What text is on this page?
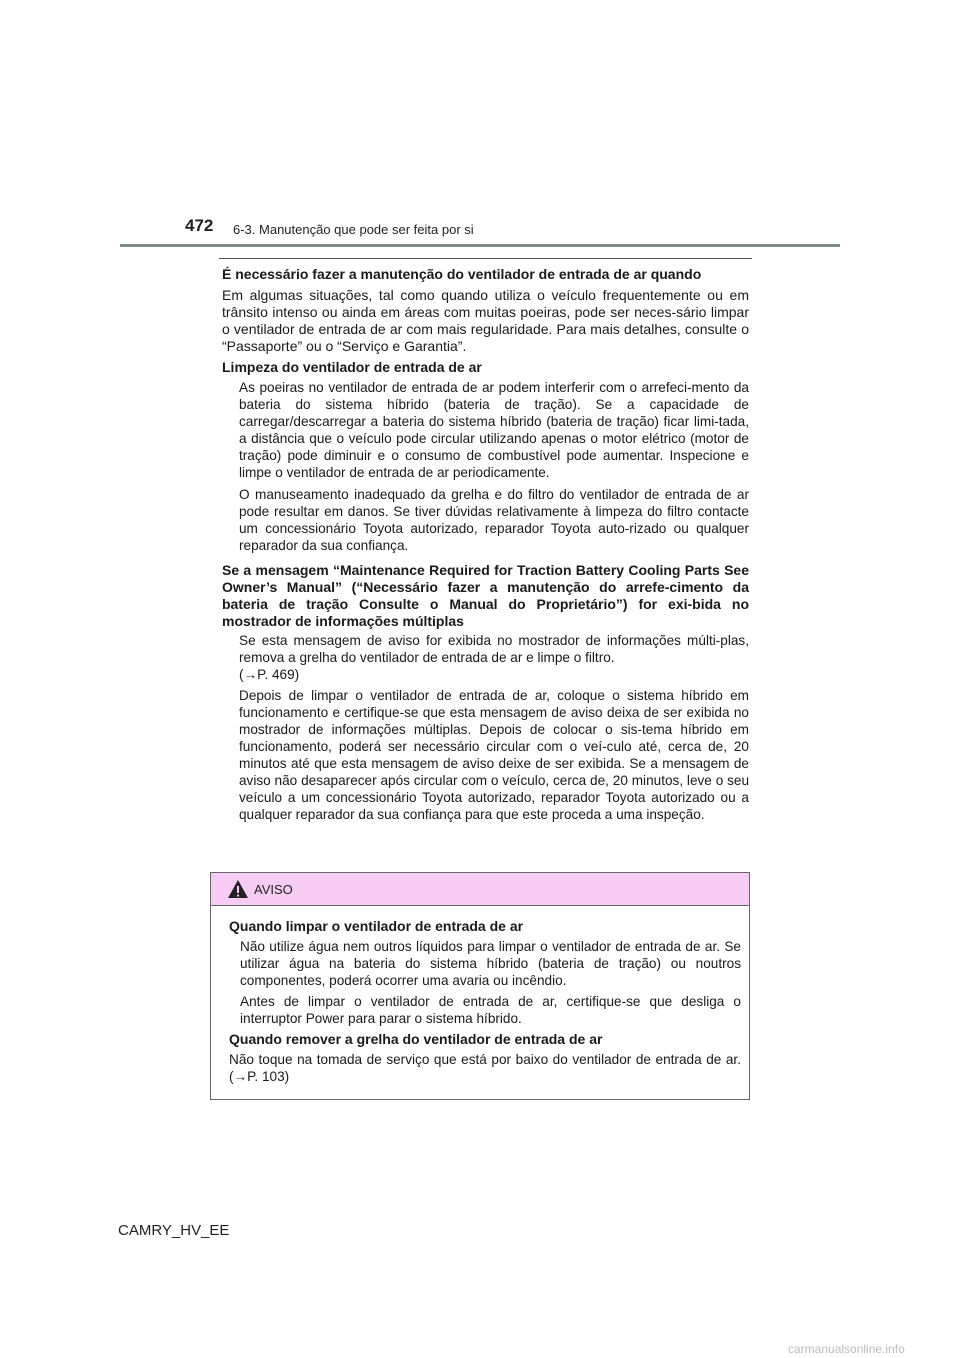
472 6-3. Manutenção que pode ser feita por si
É necessário fazer a manutenção do ventilador de entrada de ar quando

Em algumas situações, tal como quando utiliza o veículo frequentemente ou em trânsito intenso ou ainda em áreas com muitas poeiras, pode ser neces-sário limpar o ventilador de entrada de ar com mais regularidade. Para mais detalhes, consulte o “Passaporte” ou o “Serviço e Garantia”.

Limpeza do ventilador de entrada de ar
As poeiras no ventilador de entrada de ar podem interferir com o arrefeci-mento da bateria do sistema híbrido (bateria de tração). Se a capacidade de carregar/descarregar a bateria do sistema híbrido (bateria de tração) ficar limi-tada, a distância que o veículo pode circular utilizando apenas o motor elétrico (motor de tração) pode diminuir e o consumo de combustível pode aumentar. Inspecione e limpe o ventilador de entrada de ar periodicamente.
O manuseamento inadequado da grelha e do filtro do ventilador de entrada de ar pode resultar em danos. Se tiver dúvidas relativamente à limpeza do filtro contacte um concessionário Toyota autorizado, reparador Toyota auto-rizado ou qualquer reparador da sua confiança.
Se a mensagem “Maintenance Required for Traction Battery Cooling Parts See Owner’s Manual” (“Necessário fazer a manutenção do arrefe-cimento da bateria de tração Consulte o Manual do Proprietário”) for exi-bida no mostrador de informações múltiplas
Se esta mensagem de aviso for exibida no mostrador de informações múlti-plas, remova a grelha do ventilador de entrada de ar e limpe o filtro.
(→P. 469)
Depois de limpar o ventilador de entrada de ar, coloque o sistema híbrido em funcionamento e certifique-se que esta mensagem de aviso deixa de ser exibida no mostrador de informações múltiplas. Depois de colocar o sis-tema híbrido em funcionamento, poderá ser necessário circular com o veí-culo até, cerca de, 20 minutos até que esta mensagem de aviso deixe de ser exibida. Se a mensagem de aviso não desaparecer após circular com o veículo, cerca de, 20 minutos, leve o seu veículo a um concessionário Toyota autorizado, reparador Toyota autorizado ou a qualquer reparador da sua confiança para que este proceda a uma inspeção.
AVISO
Quando limpar o ventilador de entrada de ar
Não utilize água nem outros líquidos para limpar o ventilador de entrada de ar. Se utilizar água na bateria do sistema híbrido (bateria de tração) ou noutros componentes, poderá ocorrer uma avaria ou incêndio.
Antes de limpar o ventilador de entrada de ar, certifique-se que desliga o interruptor Power para parar o sistema híbrido.
Quando remover a grelha do ventilador de entrada de ar
Não toque na tomada de serviço que está por baixo do ventilador de entrada de ar. (→P. 103)
CAMRY_HV_EE
carmanualsonline.info
